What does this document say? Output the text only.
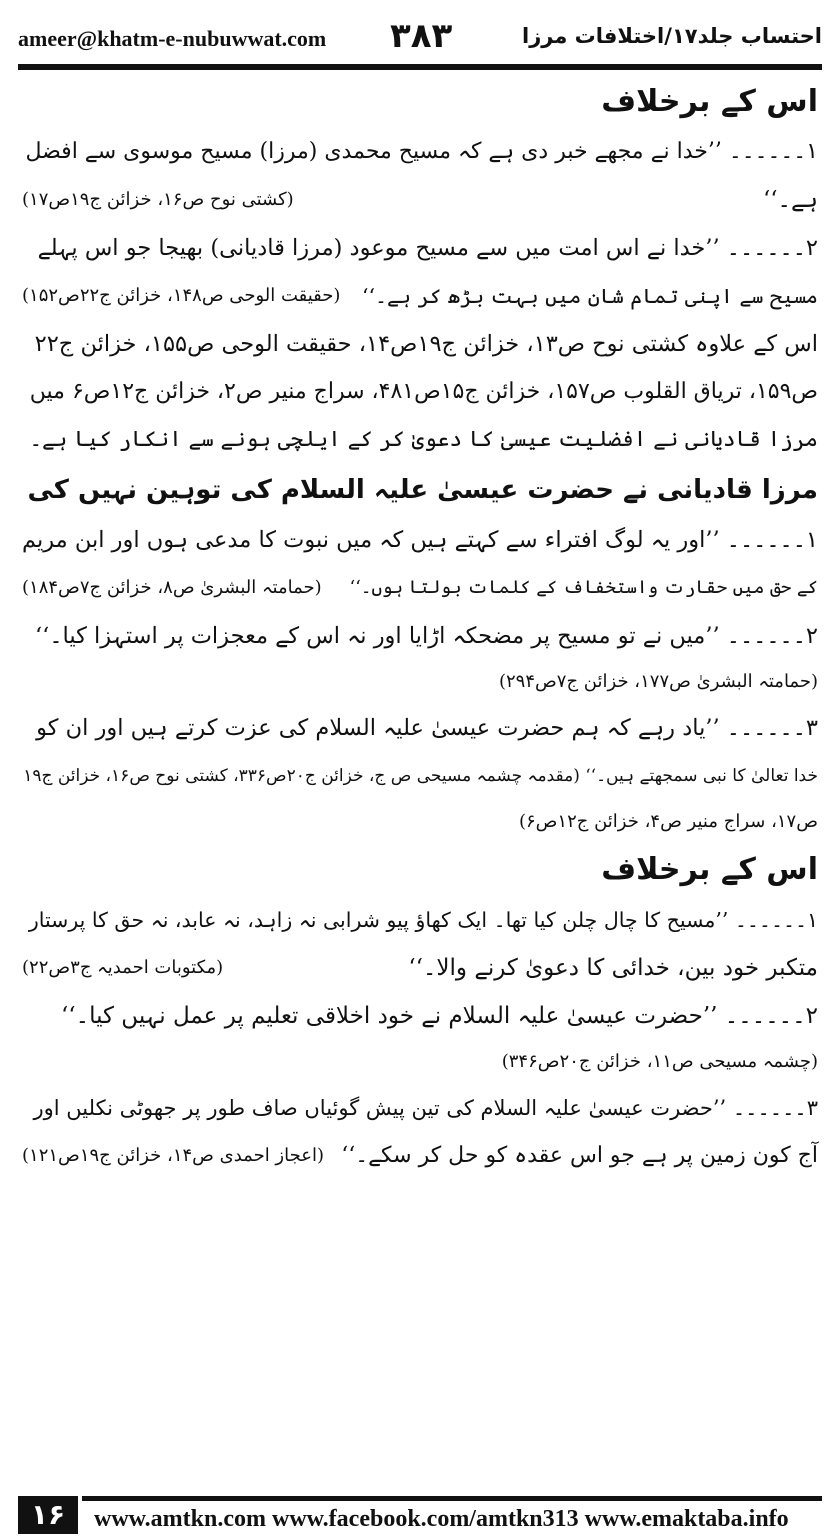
ameer@khatm-e-nubuwwat.com ۳۸۳	احتساب جلد۱۷/اختلافات مرزا
اس کے برخلاف
۱۔۔۔۔۔۔ ’’خدا نے مجھے خبر دی ہے کہ مسیح محمدی (مرزا) مسیح موسوی سے افضل
ہے۔‘‘
(کشتی نوح ص۱۶، خزائن ج۱۹ص۱۷)
۲۔۔۔۔۔۔ ’’خدا نے اس امت میں سے مسیح موعود (مرزا قادیانی) بھیجا جو اس پہلے
مسیح سے اپنی تمام شان میں بہت بڑھ کر ہے۔‘‘
(حقیقت الوحی ص۱۴۸، خزائن ج۲۲ص۱۵۲)
اس کے علاوہ کشتی نوح ص۱۳، خزائن ج۱۹ص۱۴، حقیقت الوحی ص۱۵۵، خزائن ج۲۲
ص۱۵۹، تریاق القلوب ص۱۵۷، خزائن ج۱۵ص۴۸۱، سراج منیر ص۲، خزائن ج۱۲ص۶ میں
مرزا قادیانی نے افضلیت عیسیٰ کا دعویٰ کر کے ایلچی ہونے سے انکار کیا ہے۔
مرزا قادیانی نے حضرت عیسیٰ علیہ السلام کی توہین نہیں کی
۱۔۔۔۔۔۔ ’’اور یہ لوگ افتراء سے کہتے ہیں کہ میں نبوت کا مدعی ہوں اور ابن مریم
کے حق میں حقارت واستخفاف کے کلمات بولتا ہوں۔‘‘
(حمامتہ البشریٰ ص۸، خزائن ج۷ص۱۸۴)
۲۔۔۔۔۔۔ ’’میں نے تو مسیح پر مضحکہ اڑایا اور نہ اس کے معجزات پر استہزا کیا۔‘‘
(حمامتہ البشریٰ ص۱۷۷، خزائن ج۷ص۲۹۴)
۳۔۔۔۔۔۔ ’’یاد رہے کہ ہم حضرت عیسیٰ علیہ السلام کی عزت کرتے ہیں اور ان کو
خدا تعالیٰ کا نبی سمجھتے ہیں۔‘‘ (مقدمہ چشمہ مسیحی ص ج، خزائن ج۲۰ص۳۳۶، کشتی نوح ص۱۶، خزائن ج۱۹
ص۱۷، سراج منیر ص۴، خزائن ج۱۲ص۶)
اس کے برخلاف
۱۔۔۔۔۔۔ ’’مسیح کا چال چلن کیا تھا۔ ایک کھاؤ پیو شرابی نہ زاہد، نہ عابد، نہ حق کا پرستار
متکبر خود بین، خدائی کا دعویٰ کرنے والا۔‘‘
(مکتوبات احمدیہ ج۳ص۲۲)
۲۔۔۔۔۔۔ ’’حضرت عیسیٰ علیہ السلام نے خود اخلاقی تعلیم پر عمل نہیں کیا۔‘‘
(چشمہ مسیحی ص۱۱، خزائن ج۲۰ص۳۴۶)
۳۔۔۔۔۔۔ ’’حضرت عیسیٰ علیہ السلام کی تین پیش گوئیاں صاف طور پر جھوٹی نکلیں اور
آج کون زمین پر ہے جو اس عقدہ کو حل کر سکے۔‘‘
(اعجاز احمدی ص۱۴، خزائن ج۱۹ص۱۲۱)
۱۶	www.amtkn.com www.facebook.com/amtkn313 www.emaktaba.info
